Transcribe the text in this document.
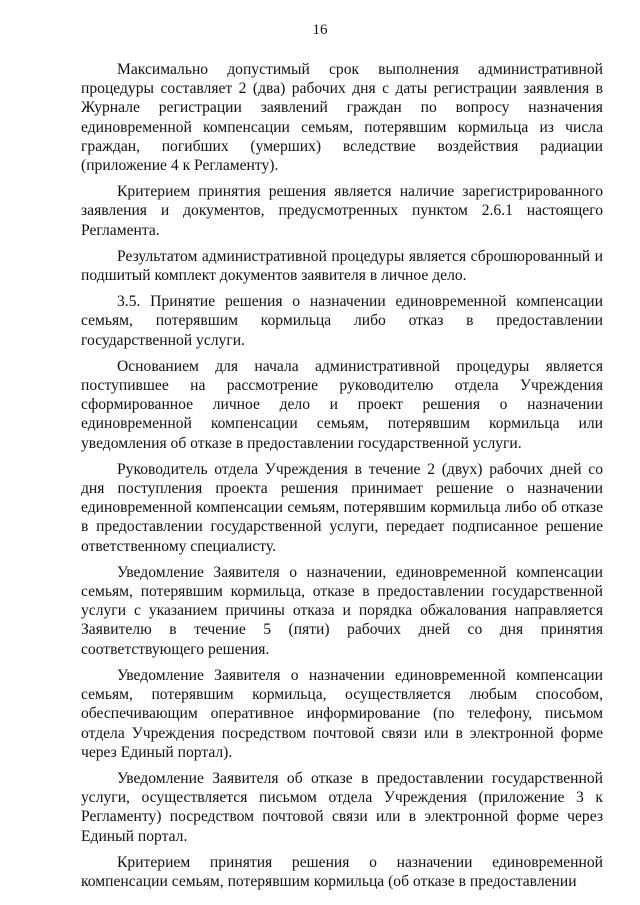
16

Максимально допустимый срок выполнения административной процедуры составляет 2 (два) рабочих дня с даты регистрации заявления в Журнале регистрации заявлений граждан по вопросу назначения единовременной компенсации семьям, потерявшим кормильца из числа граждан, погибших (умерших) вследствие воздействия радиации (приложение 4 к Регламенту).

Критерием принятия решения является наличие зарегистрированного заявления и документов, предусмотренных пунктом 2.6.1 настоящего Регламента.

Результатом административной процедуры является сброшюрованный и подшитый комплект документов заявителя в личное дело.

3.5. Принятие решения о назначении единовременной компенсации семьям, потерявшим кормильца либо отказ в предоставлении государственной услуги.

Основанием для начала административной процедуры является поступившее на рассмотрение руководителю отдела Учреждения сформированное личное дело и проект решения о назначении единовременной компенсации семьям, потерявшим кормильца или уведомления об отказе в предоставлении государственной услуги.

Руководитель отдела Учреждения в течение 2 (двух) рабочих дней со дня поступления проекта решения принимает решение о назначении единовременной компенсации семьям, потерявшим кормильца либо об отказе в предоставлении государственной услуги, передает подписанное решение ответственному специалисту.

Уведомление Заявителя о назначении, единовременной компенсации семьям, потерявшим кормильца, отказе в предоставлении государственной услуги с указанием причины отказа и порядка обжалования направляется Заявителю в течение 5 (пяти) рабочих дней со дня принятия соответствующего решения.

Уведомление Заявителя о назначении единовременной компенсации семьям, потерявшим кормильца, осуществляется любым способом, обеспечивающим оперативное информирование (по телефону, письмом отдела Учреждения посредством почтовой связи или в электронной форме через Единый портал).

Уведомление Заявителя об отказе в предоставлении государственной услуги, осуществляется письмом отдела Учреждения (приложение 3 к Регламенту) посредством почтовой связи или в электронной форме через Единый портал.

Критерием принятия решения о назначении единовременной компенсации семьям, потерявшим кормильца (об отказе в предоставлении
